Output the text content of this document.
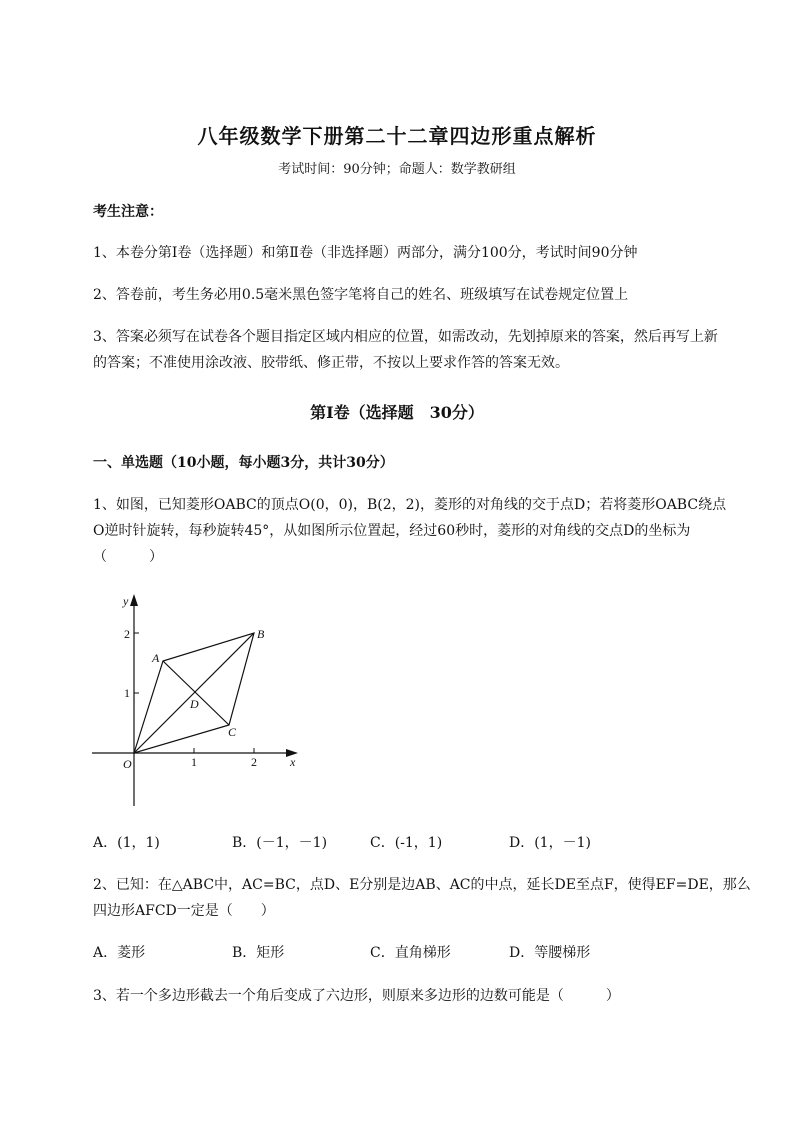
八年级数学下册第二十二章四边形重点解析
考试时间：90分钟；命题人：数学教研组
考生注意：
1、本卷分第I卷（选择题）和第Ⅱ卷（非选择题）两部分，满分100分，考试时间90分钟
2、答卷前，考生务必用0.5毫米黑色签字笔将自己的姓名、班级填写在试卷规定位置上
3、答案必须写在试卷各个题目指定区域内相应的位置，如需改动，先划掉原来的答案，然后再写上新
的答案；不准使用涂改液、胶带纸、修正带，不按以上要求作答的答案无效。
第I卷（选择题　30分）
一、单选题（10小题，每小题3分，共计30分）
1、如图，已知菱形OABC的顶点O(0，0)，B(2，2)，菱形的对角线的交于点D；若将菱形OABC绕点
O逆时针旋转，每秒旋转45°，从如图所示位置起，经过60秒时，菱形的对角线的交点D的坐标为
（　　　）
y
x
O	1	2
1
2
A
B
C
D
A．(1，1)	B．(－1，－1)	C．(-1，1)	D．(1，－1)
2、已知：在△ABC中，AC=BC，点D、E分别是边AB、AC的中点，延长DE至点F，使得EF=DE，那么
四边形AFCD一定是（　　）
A．菱形	B．矩形	C．直角梯形	D．等腰梯形
3、若一个多边形截去一个角后变成了六边形，则原来多边形的边数可能是（　　　）
